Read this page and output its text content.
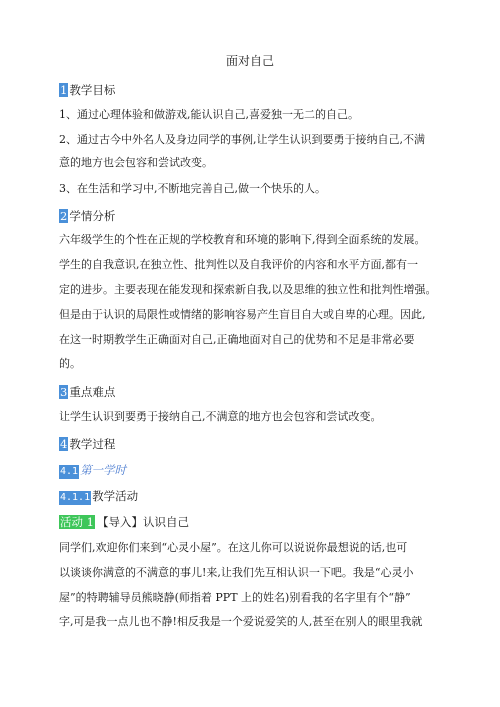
面对自己
1 教学目标
1、通过心理体验和做游戏,能认识自己,喜爱独一无二的自己。
2、通过古今中外名人及身边同学的事例,让学生认识到要勇于接纳自己,不满
意的地方也会包容和尝试改变。
3、在生活和学习中,不断地完善自己,做一个快乐的人。
2 学情分析
六年级学生的个性在正规的学校教育和环境的影响下,得到全面系统的发展。
学生的自我意识,在独立性、批判性以及自我评价的内容和水平方面,都有一
定的进步。主要表现在能发现和探索新自我,以及思维的独立性和批判性增强。
但是由于认识的局限性或情绪的影响容易产生盲目自大或自卑的心理。因此,
在这一时期教学生正确面对自己,正确地面对自己的优势和不足是非常必要
的。
3 重点难点
让学生认识到要勇于接纳自己,不满意的地方也会包容和尝试改变。
4 教学过程
4.1 第一学时
4.1.1 教学活动
活动 1 【导入】认识自己
同学们,欢迎你们来到“心灵小屋”。在这儿你可以说说你最想说的话,也可
以谈谈你满意的不满意的事儿!来,让我们先互相认识一下吧。我是“心灵小
屋”的特聘辅导员熊晓静(师指着 PPT 上的姓名)别看我的名字里有个“静”
字,可是我一点儿也不静!相反我是一个爱说爱笑的人,甚至在别人的眼里我就
